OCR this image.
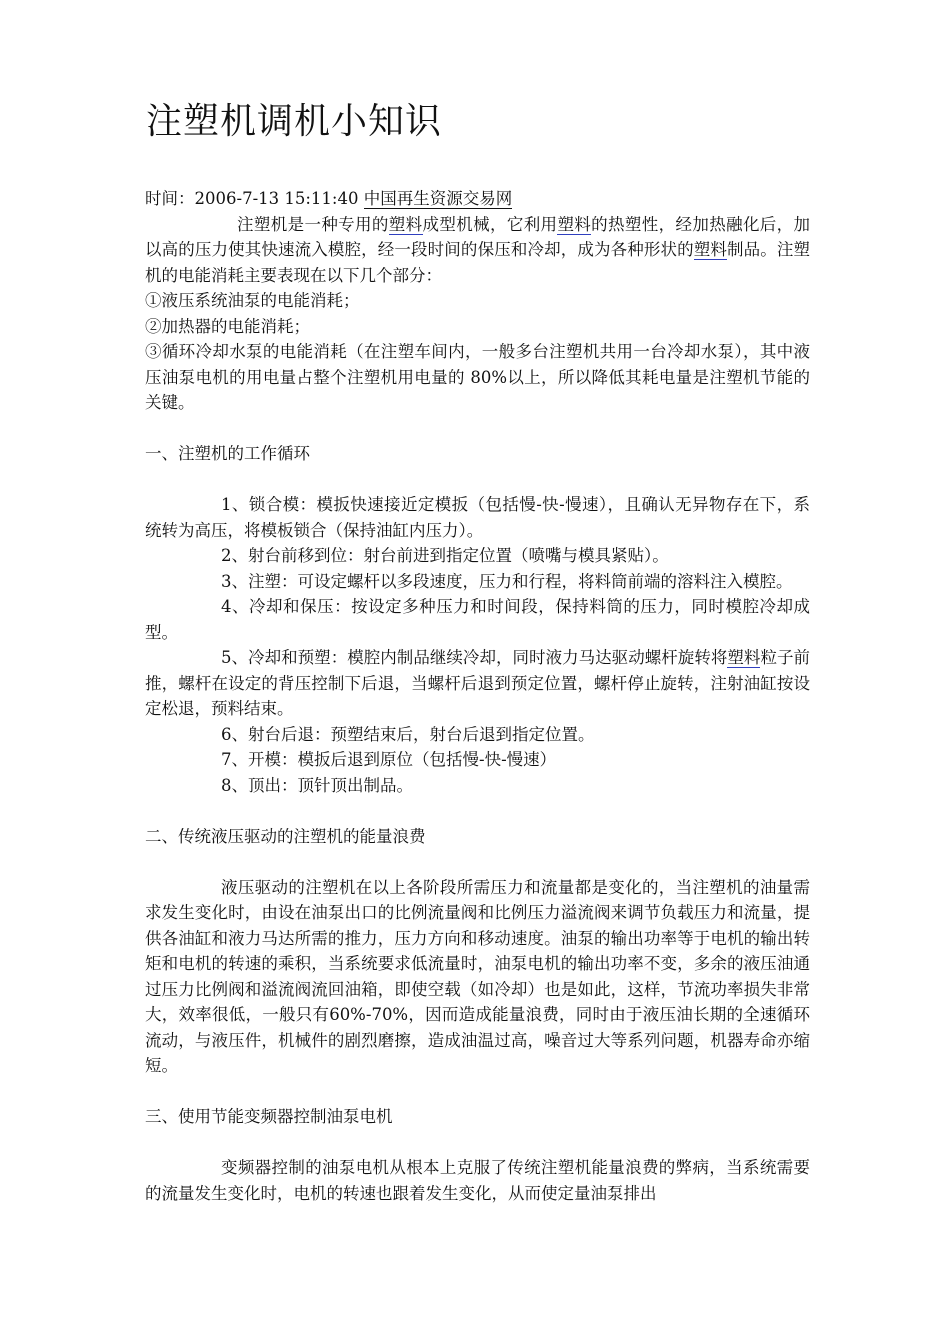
注塑机调机小知识

时间：2006-7-13 15:11:40 中国再生资源交易网

注塑机是一种专用的塑料成型机械，它利用塑料的热塑性，经加热融化后，加以高的压力使其快速流入模腔，经一段时间的保压和冷却，成为各种形状的塑料制品。注塑机的电能消耗主要表现在以下几个部分：

①液压系统油泵的电能消耗；

②加热器的电能消耗；

③循环冷却水泵的电能消耗（在注塑车间内，一般多台注塑机共用一台冷却水泵），其中液压油泵电机的用电量占整个注塑机用电量的 80%以上，所以降低其耗电量是注塑机节能的关键。

一、注塑机的工作循环

1、锁合模：模扳快速接近定模扳（包括慢-快-慢速），且确认无异物存在下，系统转为高压，将模板锁合（保持油缸内压力）。

2、射台前移到位：射台前进到指定位置（喷嘴与模具紧贴）。

3、注塑：可设定螺杆以多段速度，压力和行程，将料筒前端的溶料注入模腔。

4、冷却和保压：按设定多种压力和时间段，保持料筒的压力，同时模腔冷却成型。

5、冷却和预塑：模腔内制品继续冷却，同时液力马达驱动螺杆旋转将塑料粒子前推，螺杆在设定的背压控制下后退，当螺杆后退到预定位置，螺杆停止旋转，注射油缸按设定松退，预料结束。

6、射台后退：预塑结束后，射台后退到指定位置。

7、开模：模扳后退到原位（包括慢-快-慢速）

8、顶出：顶针顶出制品。

二、传统液压驱动的注塑机的能量浪费

液压驱动的注塑机在以上各阶段所需压力和流量都是变化的，当注塑机的油量需求发生变化时，由设在油泵出口的比例流量阀和比例压力溢流阀来调节负载压力和流量，提供各油缸和液力马达所需的推力，压力方向和移动速度。油泵的输出功率等于电机的输出转矩和电机的转速的乘积，当系统要求低流量时，油泵电机的输出功率不变，多余的液压油通过压力比例阀和溢流阀流回油箱，即使空载（如冷却）也是如此，这样，节流功率损失非常大，效率很低，一般只有60%-70%，因而造成能量浪费，同时由于液压油长期的全速循环流动，与液压件，机械件的剧烈磨擦，造成油温过高，噪音过大等系列问题，机器寿命亦缩短。

三、使用节能变频器控制油泵电机

变频器控制的油泵电机从根本上克服了传统注塑机能量浪费的弊病，当系统需要的流量发生变化时，电机的转速也跟着发生变化，从而使定量油泵排出
